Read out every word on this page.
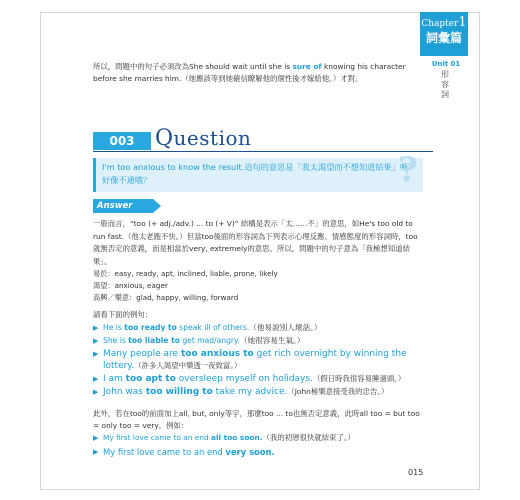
Chapter1
詞彙篇
Unit 01
形容詞
所以，問題中的句子必須改為She should wait until she is sure of knowing his character before she marries him.（她應該等到她確信瞭解他的個性後才嫁給他。）才對。
003 Question
I'm too anxious to know the result.這句的意思是「我太渴望而不想知道結果」嗎？好像不通哦？	?
Answer
一般而言，“too (+ adj./adv.) ... to (+ V)” 結構是表示「太……不」的意思，如He's too old to run fast.（他太老跑不快。）但當too後面的形容詞為下列表示心理反應、情感態度的形容詞時，too就無否定的意義，而是相當於very, extremely的意思。所以，問題中的句子意為「我極想知道結果」。
易於：easy, ready, apt, inclined, liable, prone, likely
渴望：anxious, eager
高興／樂意：glad, happy, willing, forward
請看下面的例句：
▶ He is too ready to speak ill of others.（他易說別人壞話。）
▶ She is too liable to get mad/angry.（她很容易生氣。）
▶ Many people are too anxious to get rich overnight by winning the lottery.（許多人渴望中樂透一夜致富。）
▶ I am too apt to oversleep myself on holidays.（假日時我很容易睡過頭。）
▶ John was too willing to take my advice.（John極樂意接受我的忠告。）
此外，若在too的前面加上all, but, only等字，那麼too ... to也無否定意義，此時all too = but too = only too = very，例如：
▶ My first love came to an end all too soon.（我的初戀很快就結束了。）
▶ My first love came to an end very soon.
015
